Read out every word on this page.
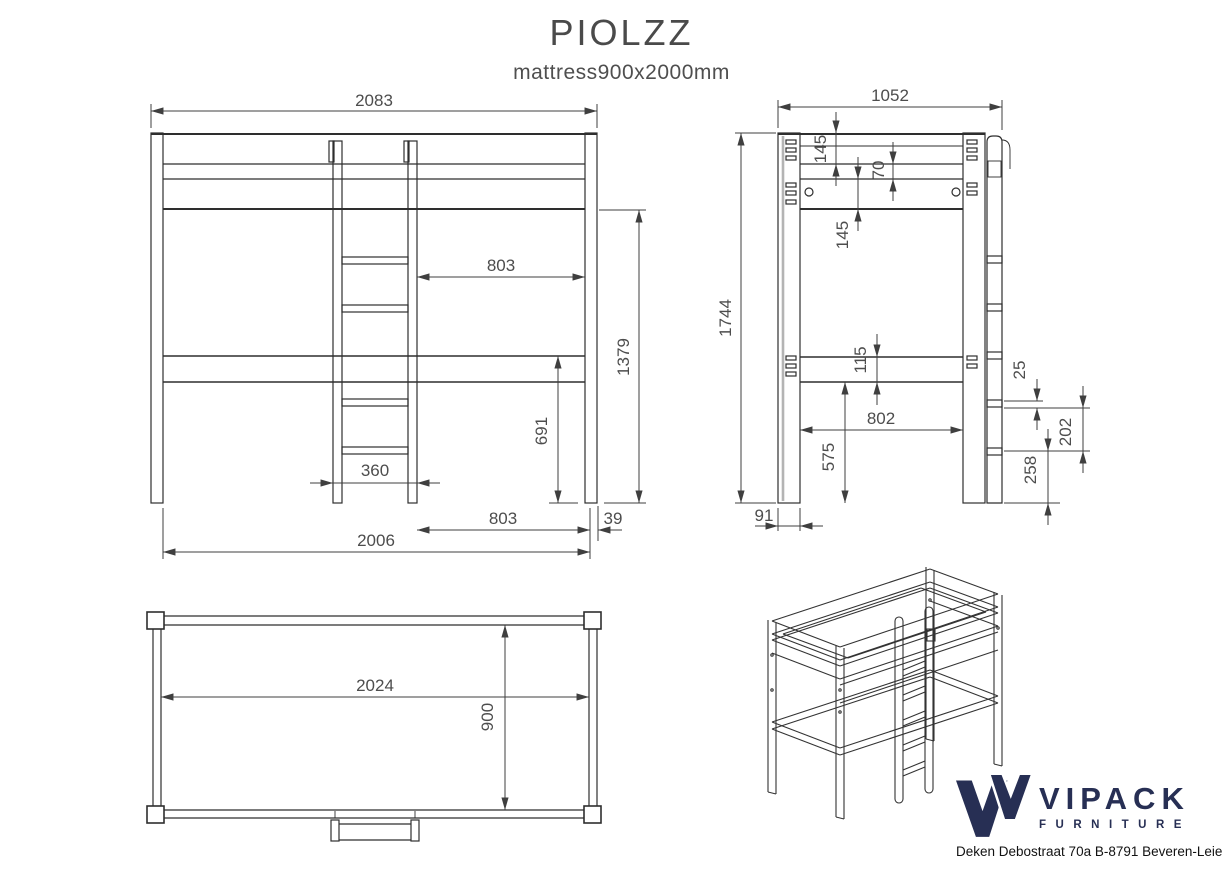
PIOLZZ
mattress900x2000mm
2083
803
1379
691
360
803	39
2006
1052
1744
145
70
145
115
802
575
91
25
202
258
2024
900
VIPACK
FURNITURE
Deken Debostraat 70a B-8791 Beveren-Leie
